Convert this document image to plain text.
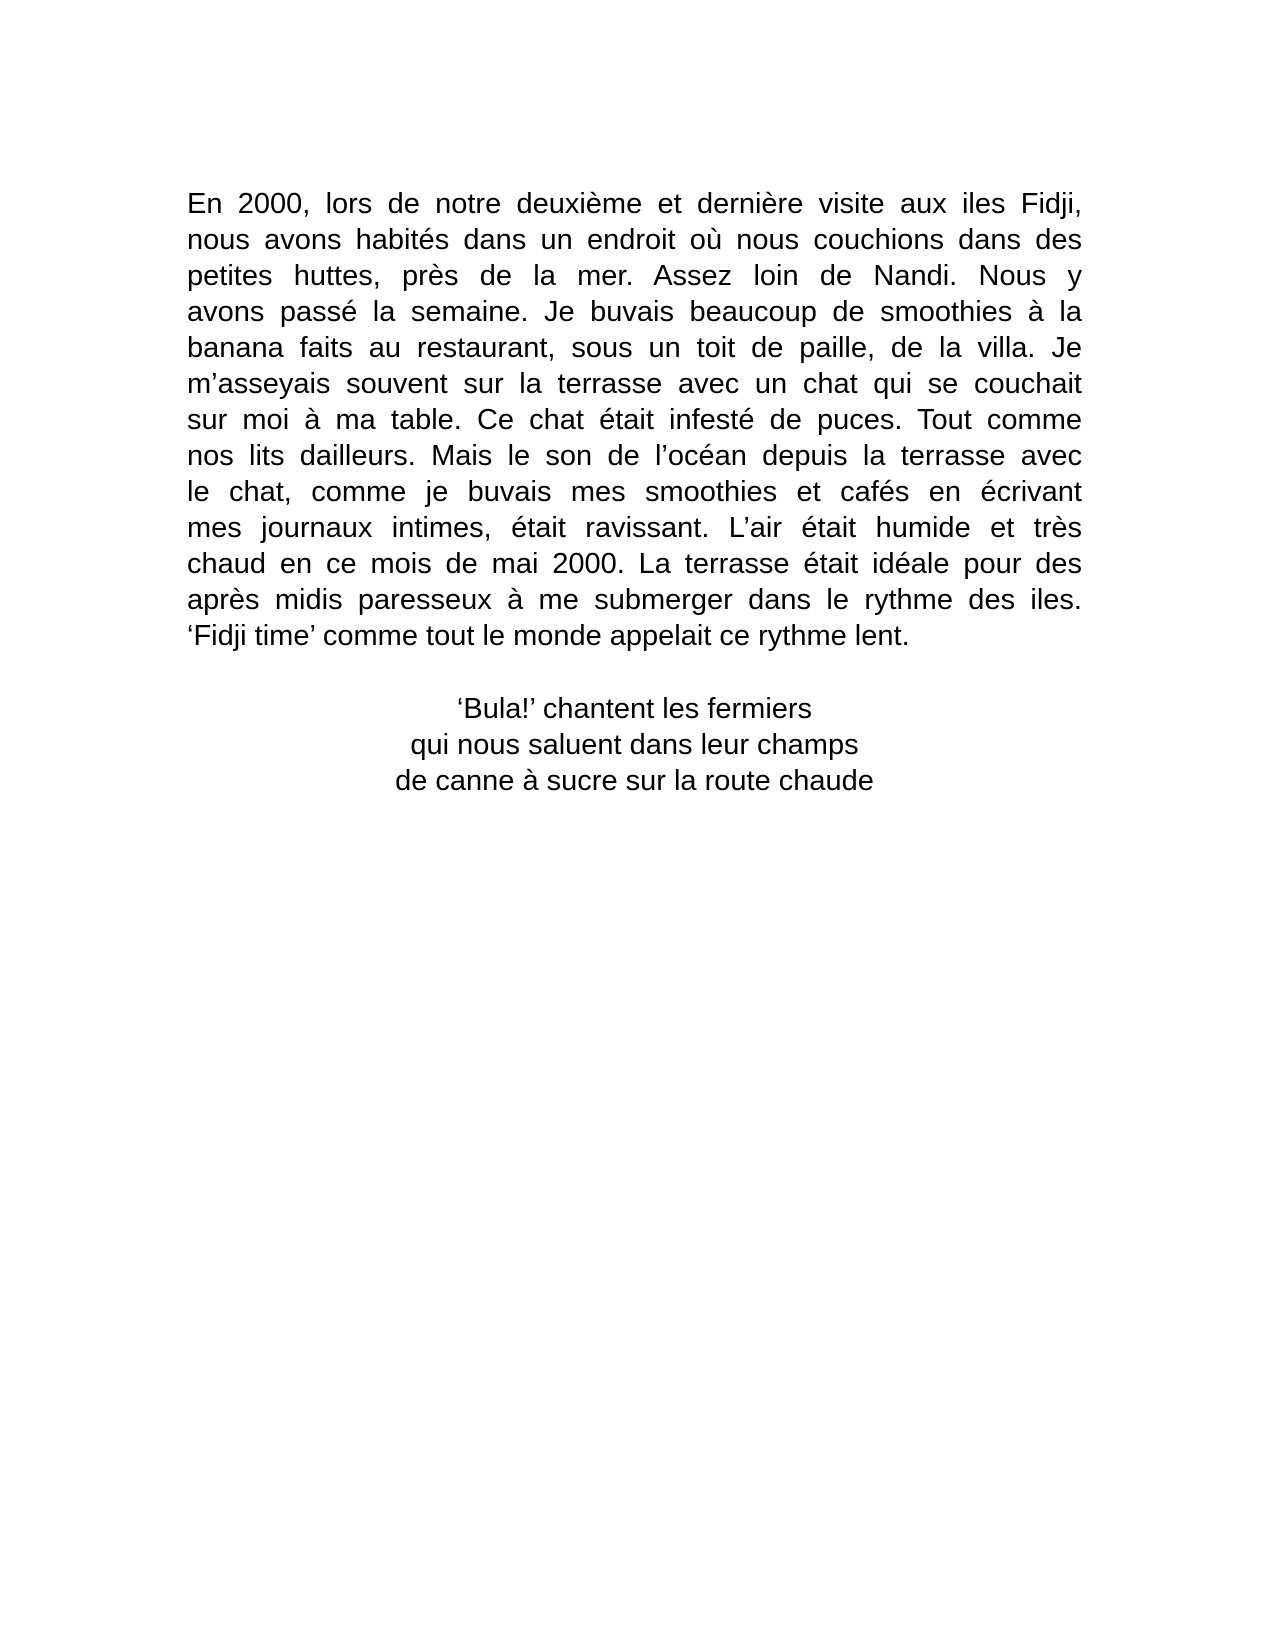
En 2000, lors de notre deuxième et dernière visite aux iles Fidji,
nous avons habités dans un endroit où nous couchions dans des
petites huttes, près de la mer. Assez loin de Nandi. Nous y
avons passé la semaine. Je buvais beaucoup de smoothies à la
banana faits au restaurant, sous un toit de paille, de la villa. Je
m’asseyais souvent sur la terrasse avec un chat qui se couchait
sur moi à ma table. Ce chat était infesté de puces. Tout comme
nos lits dailleurs. Mais le son de l’océan depuis la terrasse avec
le chat, comme je buvais mes smoothies et cafés en écrivant
mes journaux intimes, était ravissant. L’air était humide et très
chaud en ce mois de mai 2000. La terrasse était idéale pour des
après midis paresseux à me submerger dans le rythme des iles.
‘Fidji time’ comme tout le monde appelait ce rythme lent.
‘Bula!’ chantent les fermiers
qui nous saluent dans leur champs
de canne à sucre sur la route chaude
